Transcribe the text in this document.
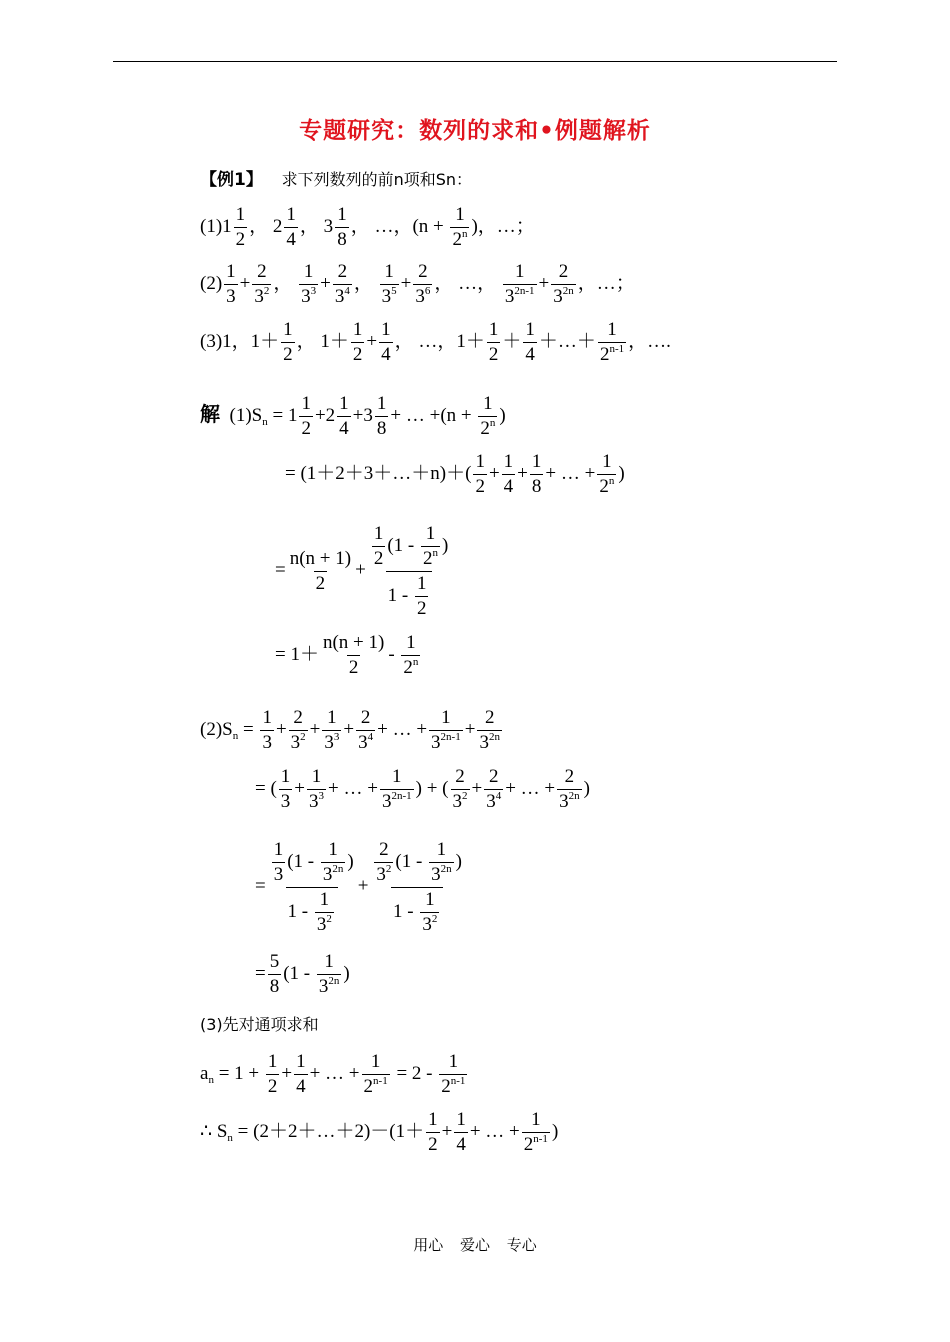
专题研究：数列的求和•例题解析
【例1】 求下列数列的前n项和Sn：
$(1)1 \frac{1}{2}$ ， $2 \frac{1}{4}$ ， $3 \frac{1}{8}$ ， …，($n + \frac{1}{2^n}$ )，…；
$(2) \frac{1}{3} + \frac{2}{3^2}$ ， $\frac{1}{3^3} + \frac{2}{3^4}$ ， $\frac{1}{3^5} + \frac{2}{3^6}$ ， …， $\frac{1}{3^{2n-1}} + \frac{2}{3^{2n}}$ ，…；
(3)1，$1+ \frac{1}{2}$ ， $1+ \frac{1}{2} + \frac{1}{4}$ ， …，$1+ \frac{1}{2} + \frac{1}{4}$ ＋…＋ $\frac{1}{2^{n-1}}$ ，….
解  $(1)S_n = 1 \frac{1}{2} +2 \frac{1}{4} +3 \frac{1}{8}$ + … $+(n + \frac{1}{2^n}$ )
= (1＋2＋3＋…＋n)＋( $\frac{1}{2} + \frac{1}{4} + \frac{1}{8}$ + … + $\frac{1}{2^n}$ )
= $\frac{n(n + 1)}{2} + \frac{\frac{1}{2} (1 - \frac{1}{2^n} )}{1 - \frac{1}{2}}$
= $1+ \frac{n(n + 1)}{2} - \frac{1}{2^n}$
$(2)S_n = \frac{1}{3} + \frac{2}{3^2} + \frac{1}{3^3} + \frac{2}{3^4}$ + … + $\frac{1}{3^{2n-1}} + \frac{2}{3^{2n}}$
= ( $\frac{1}{3} + \frac{1}{3^3}$ + … + $\frac{1}{3^{2n-1}}$ ) + ( $\frac{2}{3^2} + \frac{2}{3^4}$ + … + $\frac{2}{3^{2n}}$ )
= $\frac{\frac{1}{3} (1 - \frac{1}{3^{2n}} )}{1 - \frac{1}{3^2}} + \frac{\frac{2}{3^2} (1 - \frac{1}{3^{2n}} )}{1 - \frac{1}{3^2}}$
= $\frac{5}{8} (1 - \frac{1}{3^{2n}}$ )
(3)先对通项求和
$a_n = 1 + \frac{1}{2} + \frac{1}{4}$ + … + $\frac{1}{2^{n-1}} = 2 - \frac{1}{2^{n-1}}$
∴ $S_n$ = (2＋2＋…＋2)－(1＋ $\frac{1}{2} + \frac{1}{4}$ + … + $\frac{1}{2^{n-1}}$ )
用心 爱心 专心
